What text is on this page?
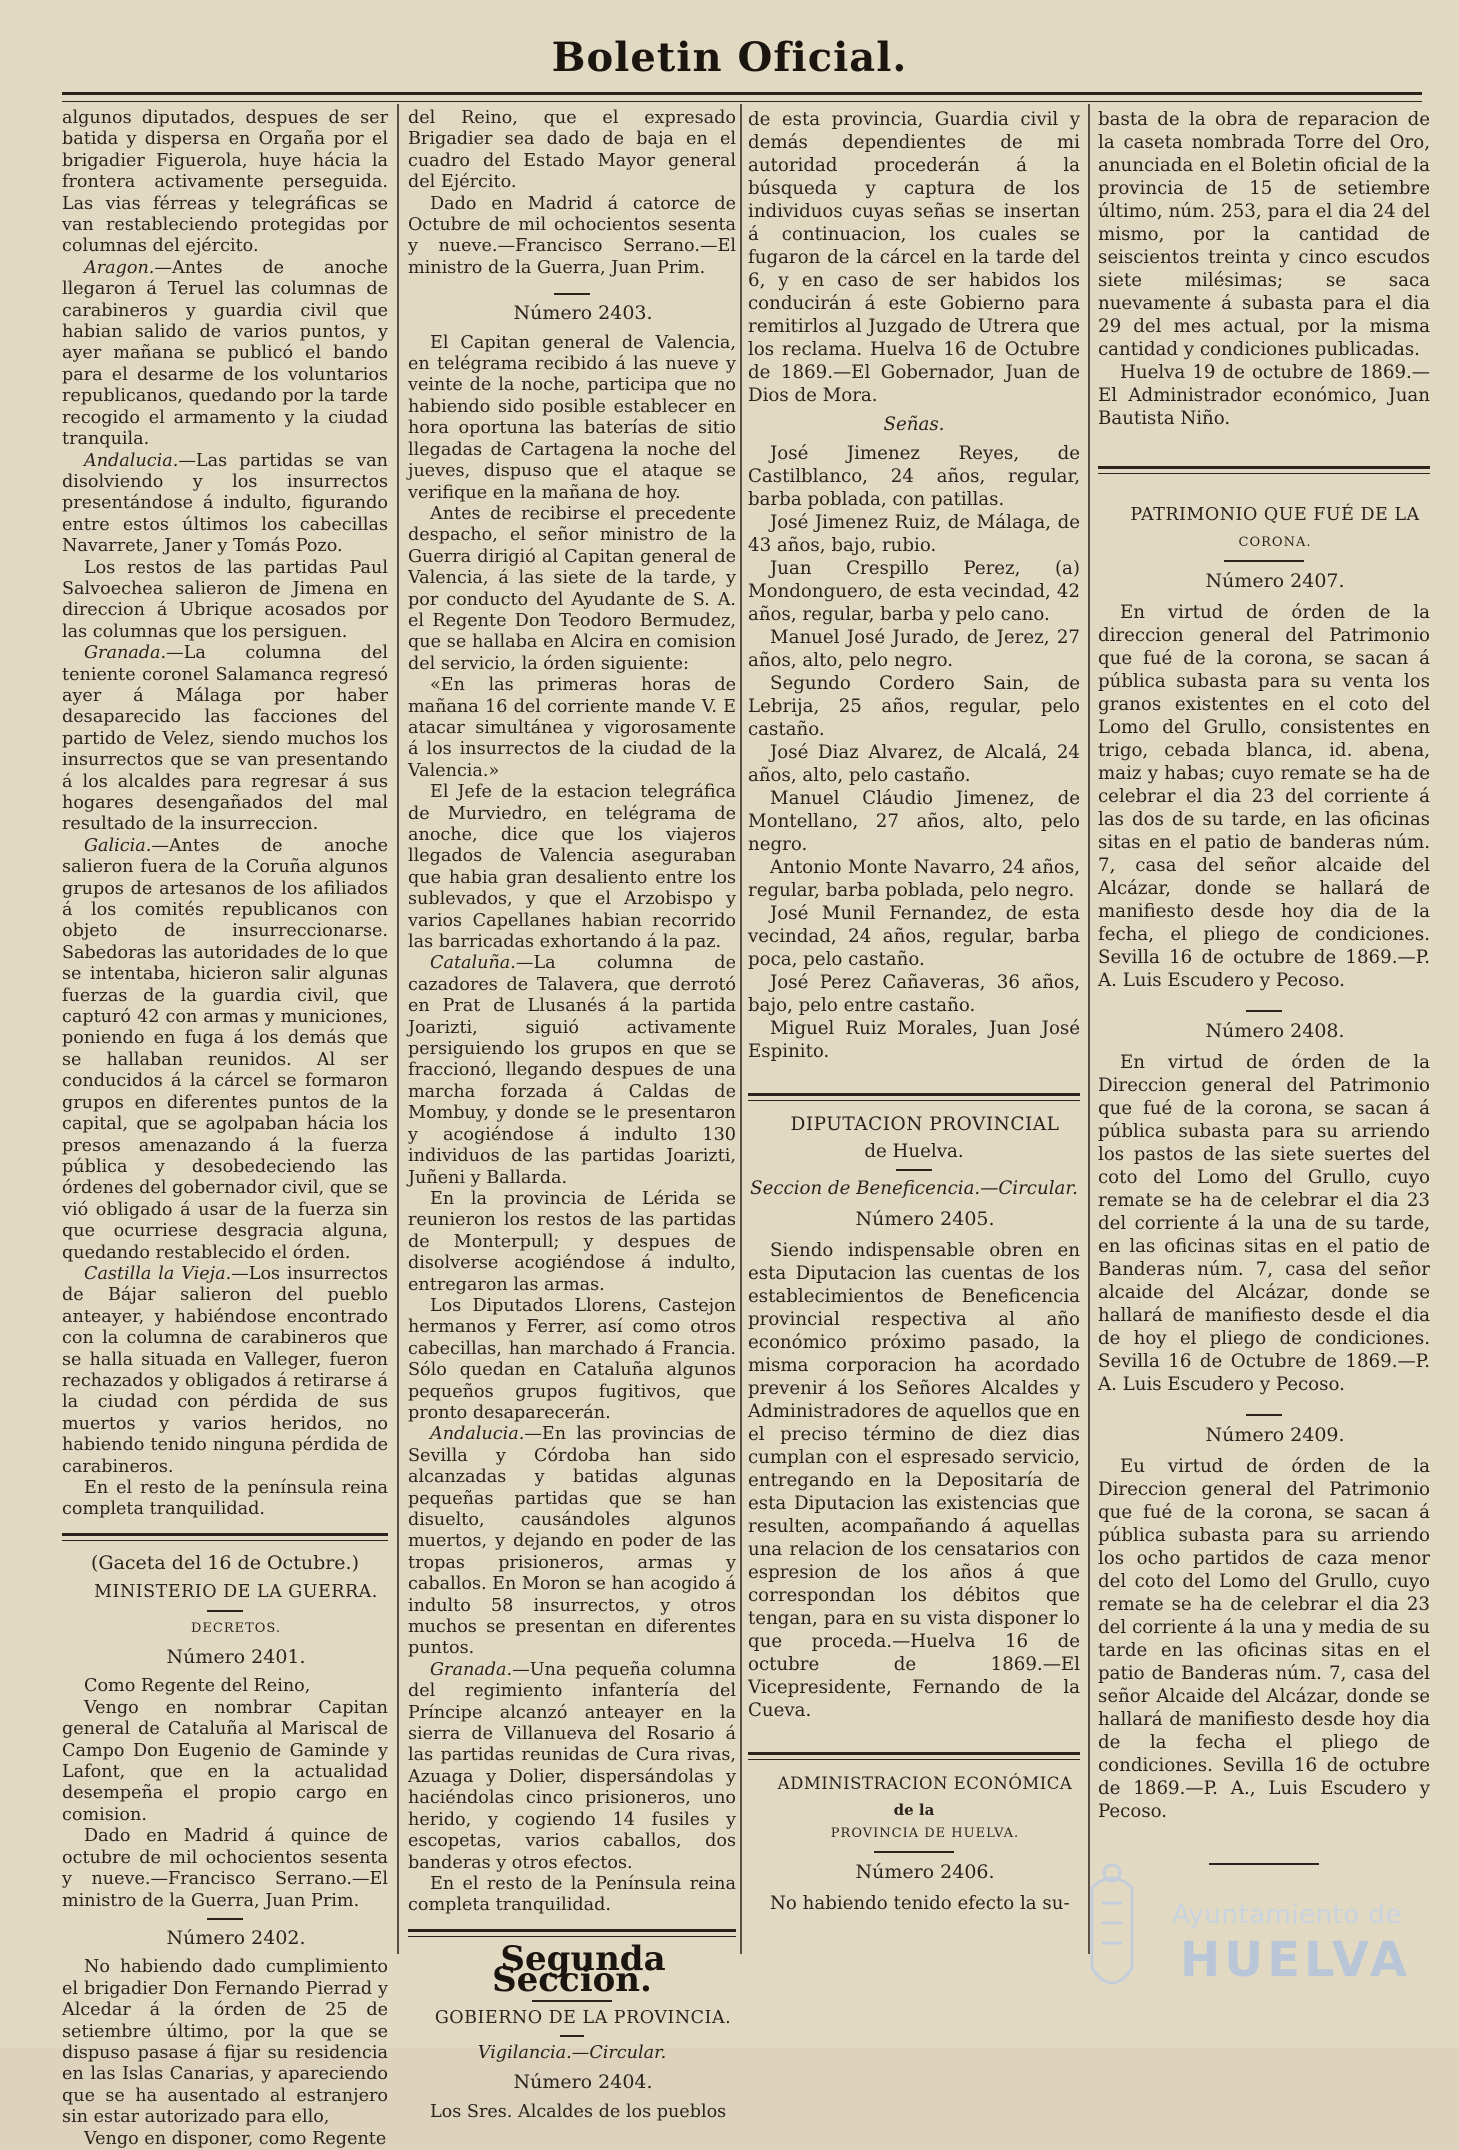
Boletin Oficial.

algunos diputados, despues de ser batida y dispersa en Orgaña por el brigadier Figuerola, huye hácia la frontera activamente perseguida. Las vias férreas y telegráficas se van restableciendo protegidas por columnas del ejército.

Aragon.—Antes de anoche llegaron á Teruel las columnas de carabineros y guardia civil que habian salido de varios puntos, y ayer mañana se publicó el bando para el desarme de los voluntarios republicanos, quedando por la tarde recogido el armamento y la ciudad tranquila.

Andalucia.—Las partidas se van disolviendo y los insurrectos presentándose á indulto, figurando entre estos últimos los cabecillas Navarrete, Janer y Tomás Pozo.

Los restos de las partidas Paul Salvoechea salieron de Jimena en direccion á Ubrique acosados por las columnas que los persiguen.

Granada.—La columna del teniente coronel Salamanca regresó ayer á Málaga por haber desaparecido las facciones del partido de Velez, siendo muchos los insurrectos que se van presentando á los alcaldes para regresar á sus hogares desengañados del mal resultado de la insurreccion.

Galicia.—Antes de anoche salieron fuera de la Coruña algunos grupos de artesanos de los afiliados á los comités republicanos con objeto de insurreccionarse. Sabedoras las autoridades de lo que se intentaba, hicieron salir algunas fuerzas de la guardia civil, que capturó 42 con armas y municiones, poniendo en fuga á los demás que se hallaban reunidos. Al ser conducidos á la cárcel se formaron grupos en diferentes puntos de la capital, que se agolpaban hácia los presos amenazando á la fuerza pública y desobedeciendo las órdenes del gobernador civil, que se vió obligado á usar de la fuerza sin que ocurriese desgracia alguna, quedando restablecido el órden.

Castilla la Vieja.—Los insurrectos de Bájar salieron del pueblo anteayer, y habiéndose encontrado con la columna de carabineros que se halla situada en Valleger, fueron rechazados y obligados á retirarse á la ciudad con pérdida de sus muertos y varios heridos, no habiendo tenido ninguna pérdida de carabineros.

En el resto de la península reina completa tranquilidad.

(Gaceta del 16 de Octubre.)

MINISTERIO DE LA GUERRA.

DECRETOS.

Número 2401.

Como Regente del Reino,

Vengo en nombrar Capitan general de Cataluña al Mariscal de Campo Don Eugenio de Gaminde y Lafont, que en la actualidad desempeña el propio cargo en comision.

Dado en Madrid á quince de octubre de mil ochocientos sesenta y nueve.—Francisco Serrano.—El ministro de la Guerra, Juan Prim.

Número 2402.

No habiendo dado cumplimiento el brigadier Don Fernando Pierrad y Alcedar á la órden de 25 de setiembre último, por la que se dispuso pasase á fijar su residencia en las Islas Canarias, y apareciendo que se ha ausentado al estranjero sin estar autorizado para ello,

Vengo en disponer, como Regente

del Reino, que el expresado Brigadier sea dado de baja en el cuadro del Estado Mayor general del Ejército.

Dado en Madrid á catorce de Octubre de mil ochocientos sesenta y nueve.—Francisco Serrano.—El ministro de la Guerra, Juan Prim.

Número 2403.

El Capitan general de Valencia, en telégrama recibido á las nueve y veinte de la noche, participa que no habiendo sido posible establecer en hora oportuna las baterías de sitio llegadas de Cartagena la noche del jueves, dispuso que el ataque se verifique en la mañana de hoy.

Antes de recibirse el precedente despacho, el señor ministro de la Guerra dirigió al Capitan general de Valencia, á las siete de la tarde, y por conducto del Ayudante de S. A. el Regente Don Teodoro Bermudez, que se hallaba en Alcira en comision del servicio, la órden siguiente:

«En las primeras horas de mañana 16 del corriente mande V. E atacar simultánea y vigorosamente á los insurrectos de la ciudad de la Valencia.»

El Jefe de la estacion telegráfica de Murviedro, en telégrama de anoche, dice que los viajeros llegados de Valencia aseguraban que habia gran desaliento entre los sublevados, y que el Arzobispo y varios Capellanes habian recorrido las barricadas exhortando á la paz.

Cataluña.—La columna de cazadores de Talavera, que derrotó en Prat de Llusanés á la partida Joarizti, siguió activamente persiguiendo los grupos en que se fraccionó, llegando despues de una marcha forzada á Caldas de Mombuy, y donde se le presentaron y acogiéndose á indulto 130 individuos de las partidas Joarizti, Juñeni y Ballarda.

En la provincia de Lérida se reunieron los restos de las partidas de Monterpull; y despues de disolverse acogiéndose á indulto, entregaron las armas.

Los Diputados Llorens, Castejon hermanos y Ferrer, así como otros cabecillas, han marchado á Francia. Sólo quedan en Cataluña algunos pequeños grupos fugitivos, que pronto desaparecerán.

Andalucia.—En las provincias de Sevilla y Córdoba han sido alcanzadas y batidas algunas pequeñas partidas que se han disuelto, causándoles algunos muertos, y dejando en poder de las tropas prisioneros, armas y caballos. En Moron se han acogido á indulto 58 insurrectos, y otros muchos se presentan en diferentes puntos.

Granada.—Una pequeña columna del regimiento infantería del Príncipe alcanzó anteayer en la sierra de Villanueva del Rosario á las partidas reunidas de Cura rivas, Azuaga y Dolier, dispersándolas y haciéndolas cinco prisioneros, uno herido, y cogiendo 14 fusiles y escopetas, varios caballos, dos banderas y otros efectos.

En el resto de la Península reina completa tranquilidad.

Segunda Seccion.

GOBIERNO DE LA PROVINCIA.

Vigilancia.—Circular.

Número 2404.

Los Sres. Alcaldes de los pueblos

de esta provincia, Guardia civil y demás dependientes de mi autoridad procederán á la búsqueda y captura de los individuos cuyas señas se insertan á continuacion, los cuales se fugaron de la cárcel en la tarde del 6, y en caso de ser habidos los conducirán á este Gobierno para remitirlos al Juzgado de Utrera que los reclama. Huelva 16 de Octubre de 1869.—El Gobernador, Juan de Dios de Mora.

Señas.

José Jimenez Reyes, de Castilblanco, 24 años, regular, barba poblada, con patillas.

José Jimenez Ruiz, de Málaga, de 43 años, bajo, rubio.

Juan Crespillo Perez, (a) Mondonguero, de esta vecindad, 42 años, regular, barba y pelo cano.

Manuel José Jurado, de Jerez, 27 años, alto, pelo negro.

Segundo Cordero Sain, de Lebrija, 25 años, regular, pelo castaño.

José Diaz Alvarez, de Alcalá, 24 años, alto, pelo castaño.

Manuel Cláudio Jimenez, de Montellano, 27 años, alto, pelo negro.

Antonio Monte Navarro, 24 años, regular, barba poblada, pelo negro.

José Munil Fernandez, de esta vecindad, 24 años, regular, barba poca, pelo castaño.

José Perez Cañaveras, 36 años, bajo, pelo entre castaño.

Miguel Ruiz Morales, Juan José Espinito.

DIPUTACION PROVINCIAL

de Huelva.

Seccion de Beneficencia.—Circular.

Número 2405.

Siendo indispensable obren en esta Diputacion las cuentas de los establecimientos de Beneficencia provincial respectiva al año económico próximo pasado, la misma corporacion ha acordado prevenir á los Señores Alcaldes y Administradores de aquellos que en el preciso término de diez dias cumplan con el espresado servicio, entregando en la Depositaría de esta Diputacion las existencias que resulten, acompañando á aquellas una relacion de los censatarios con espresion de los años á que correspondan los débitos que tengan, para en su vista disponer lo que proceda.—Huelva 16 de octubre de 1869.—El Vicepresidente, Fernando de la Cueva.

ADMINISTRACION ECONÓMICA

de la

PROVINCIA DE HUELVA.

Número 2406.

No habiendo tenido efecto la su-

basta de la obra de reparacion de la caseta nombrada Torre del Oro, anunciada en el Boletin oficial de la provincia de 15 de setiembre último, núm. 253, para el dia 24 del mismo, por la cantidad de seiscientos treinta y cinco escudos siete milésimas; se saca nuevamente á subasta para el dia 29 del mes actual, por la misma cantidad y condiciones publicadas.

Huelva 19 de octubre de 1869.—El Administrador económico, Juan Bautista Niño.

PATRIMONIO QUE FUÉ DE LA

CORONA.

Número 2407.

En virtud de órden de la direccion general del Patrimonio que fué de la corona, se sacan á pública subasta para su venta los granos existentes en el coto del Lomo del Grullo, consistentes en trigo, cebada blanca, id. abena, maiz y habas; cuyo remate se ha de celebrar el dia 23 del corriente á las dos de su tarde, en las oficinas sitas en el patio de banderas núm. 7, casa del señor alcaide del Alcázar, donde se hallará de manifiesto desde hoy dia de la fecha, el pliego de condiciones. Sevilla 16 de octubre de 1869.—P. A. Luis Escudero y Pecoso.

Número 2408.

En virtud de órden de la Direccion general del Patrimonio que fué de la corona, se sacan á pública subasta para su arriendo los pastos de las siete suertes del coto del Lomo del Grullo, cuyo remate se ha de celebrar el dia 23 del corriente á la una de su tarde, en las oficinas sitas en el patio de Banderas núm. 7, casa del señor alcaide del Alcázar, donde se hallará de manifiesto desde el dia de hoy el pliego de condiciones. Sevilla 16 de Octubre de 1869.—P. A. Luis Escudero y Pecoso.

Número 2409.

Eu virtud de órden de la Direccion general del Patrimonio que fué de la corona, se sacan á pública subasta para su arriendo los ocho partidos de caza menor del coto del Lomo del Grullo, cuyo remate se ha de celebrar el dia 23 del corriente á la una y media de su tarde en las oficinas sitas en el patio de Banderas núm. 7, casa del señor Alcaide del Alcázar, donde se hallará de manifiesto desde hoy dia de la fecha el pliego de condiciones. Sevilla 16 de octubre de 1869.—P. A., Luis Escudero y Pecoso.

Ayuntamiento de
HUELVA
